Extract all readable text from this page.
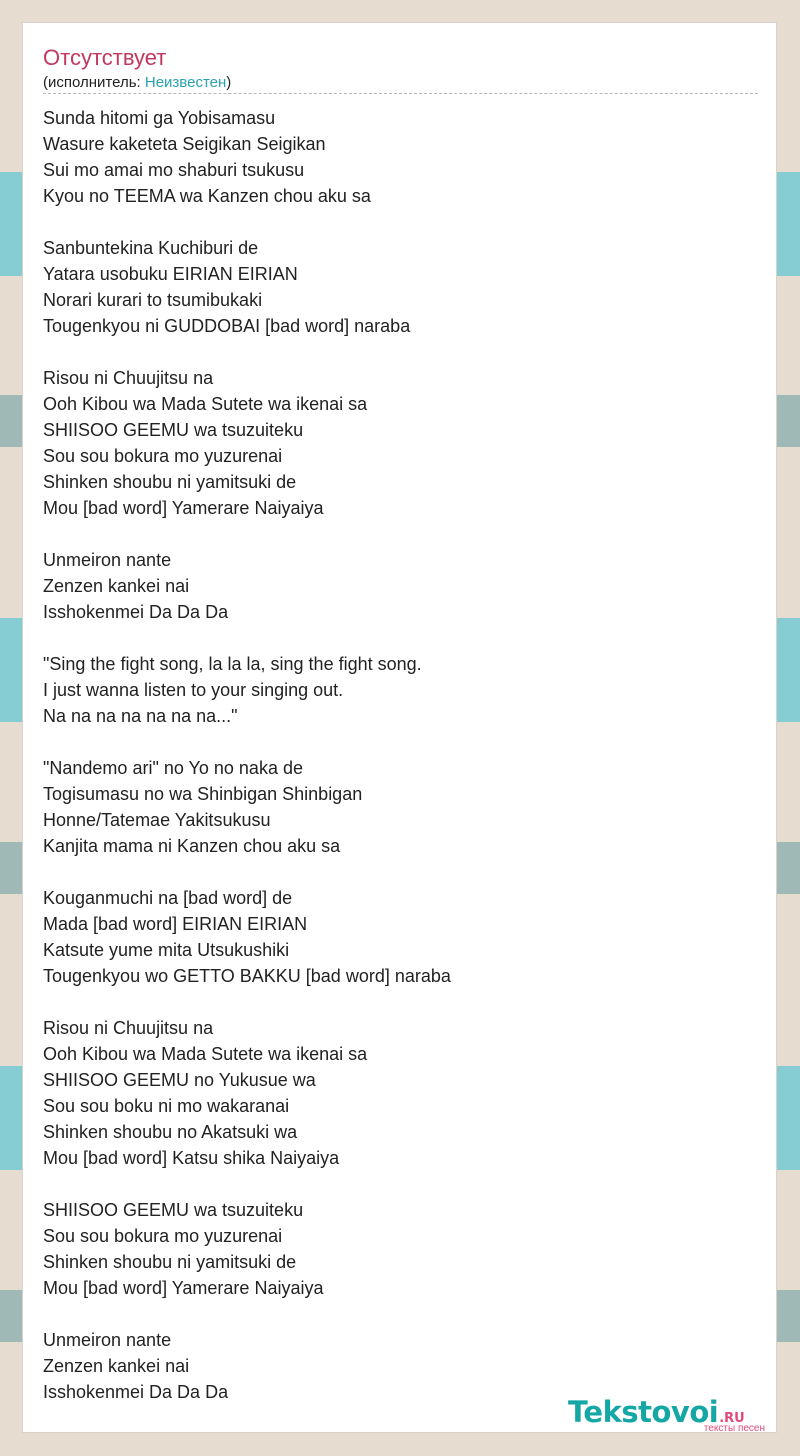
Отсутствует
(исполнитель: Неизвестен)
Sunda hitomi ga Yobisamasu
Wasure kaketeta Seigikan Seigikan
Sui mo amai mo shaburi tsukusu
Kyou no TEEMA wa Kanzen chou aku sa
Sanbuntekina Kuchiburi de
Yatara usobuku EIRIAN EIRIAN
Norari kurari to tsumibukaki
Tougenkyou ni GUDDOBAI [bad word] naraba
Risou ni Chuujitsu na
Ooh Kibou wa Mada Sutete wa ikenai sa
SHIISOO GEEMU wa tsuzuiteku
Sou sou bokura mo yuzurenai
Shinken shoubu ni yamitsuki de
Mou [bad word] Yamerare Naiyaiya
Unmeiron nante
Zenzen kankei nai
Isshokenmei Da Da Da
"Sing the fight song, la la la, sing the fight song.
I just wanna listen to your singing out.
Na na na na na na na..."
"Nandemo ari" no Yo no naka de
Togisumasu no wa Shinbigan Shinbigan
Honne/Tatemae Yakitsukusu
Kanjita mama ni Kanzen chou aku sa
Kouganmuchi na [bad word] de
Mada [bad word] EIRIAN EIRIAN
Katsute yume mita Utsukushiki
Tougenkyou wo GETTO BAKKU [bad word] naraba
Risou ni Chuujitsu na
Ooh Kibou wa Mada Sutete wa ikenai sa
SHIISOO GEEMU no Yukusue wa
Sou sou boku ni mo wakaranai
Shinken shoubu no Akatsuki wa
Mou [bad word] Katsu shika Naiyaiya
SHIISOO GEEMU wa tsuzuiteku
Sou sou bokura mo yuzurenai
Shinken shoubu ni yamitsuki de
Mou [bad word] Yamerare Naiyaiya
Unmeiron nante
Zenzen kankei nai
Isshokenmei Da Da Da
Tekstovoi.RU
тексты песен
